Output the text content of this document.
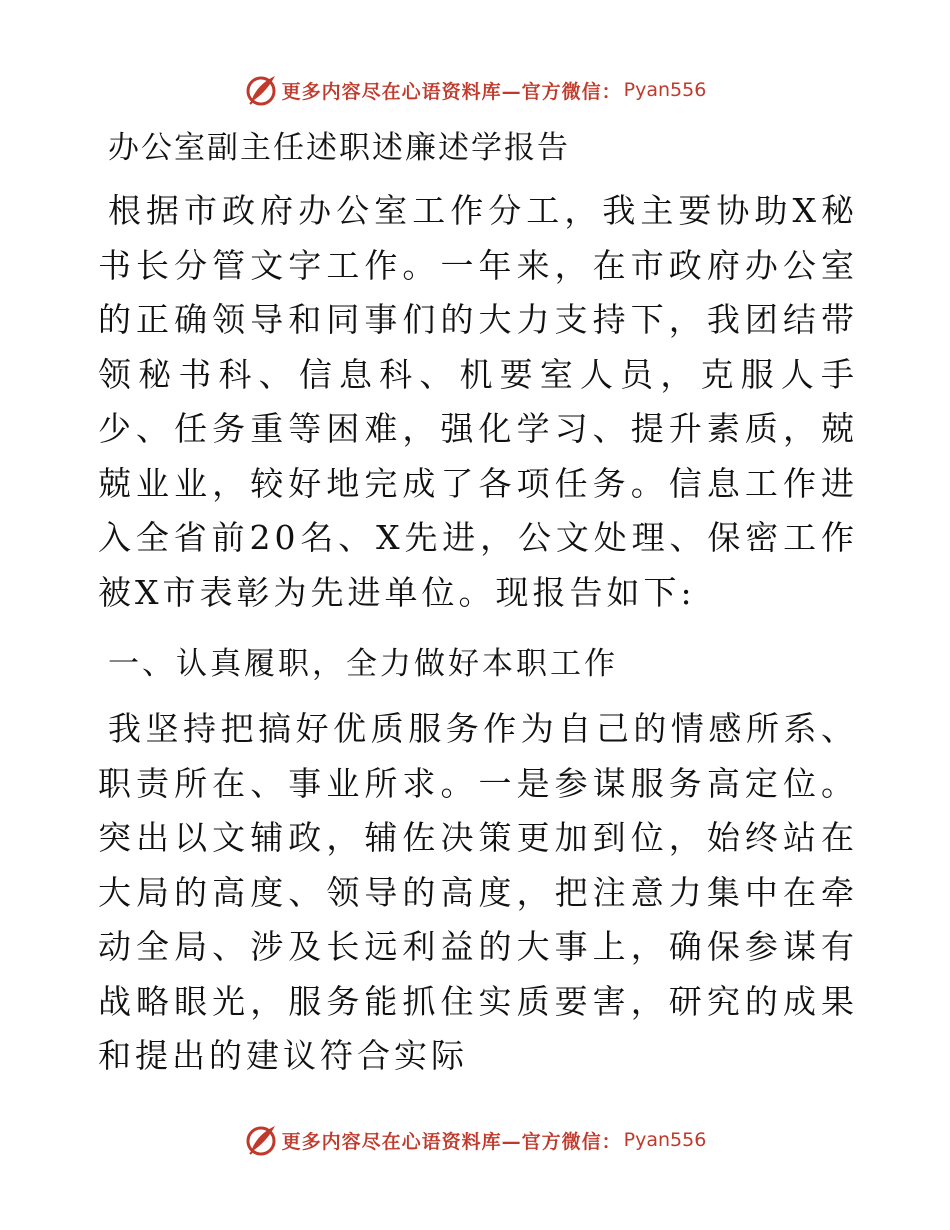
更多内容尽在心语资料库—官方微信： Pyan556
办公室副主任述职述廉述学报告

根据市政府办公室工作分工，我主要协助X秘书长分管文字工作。一年来，在市政府办公室的正确领导和同事们的大力支持下，我团结带领秘书科、信息科、机要室人员，克服人手少、任务重等困难，强化学习、提升素质，兢兢业业，较好地完成了各项任务。信息工作进入全省前20名、X先进，公文处理、保密工作被X市表彰为先进单位。现报告如下:

一、认真履职，全力做好本职工作

我坚持把搞好优质服务作为自己的情感所系、职责所在、事业所求。一是参谋服务高定位。突出以文辅政，辅佐决策更加到位，始终站在大局的高度、领导的高度，把注意力集中在牵动全局、涉及长远利益的大事上，确保参谋有战略眼光，服务能抓住实质要害，研究的成果和提出的建议符合实际

更多内容尽在心语资料库—官方微信： Pyan556
